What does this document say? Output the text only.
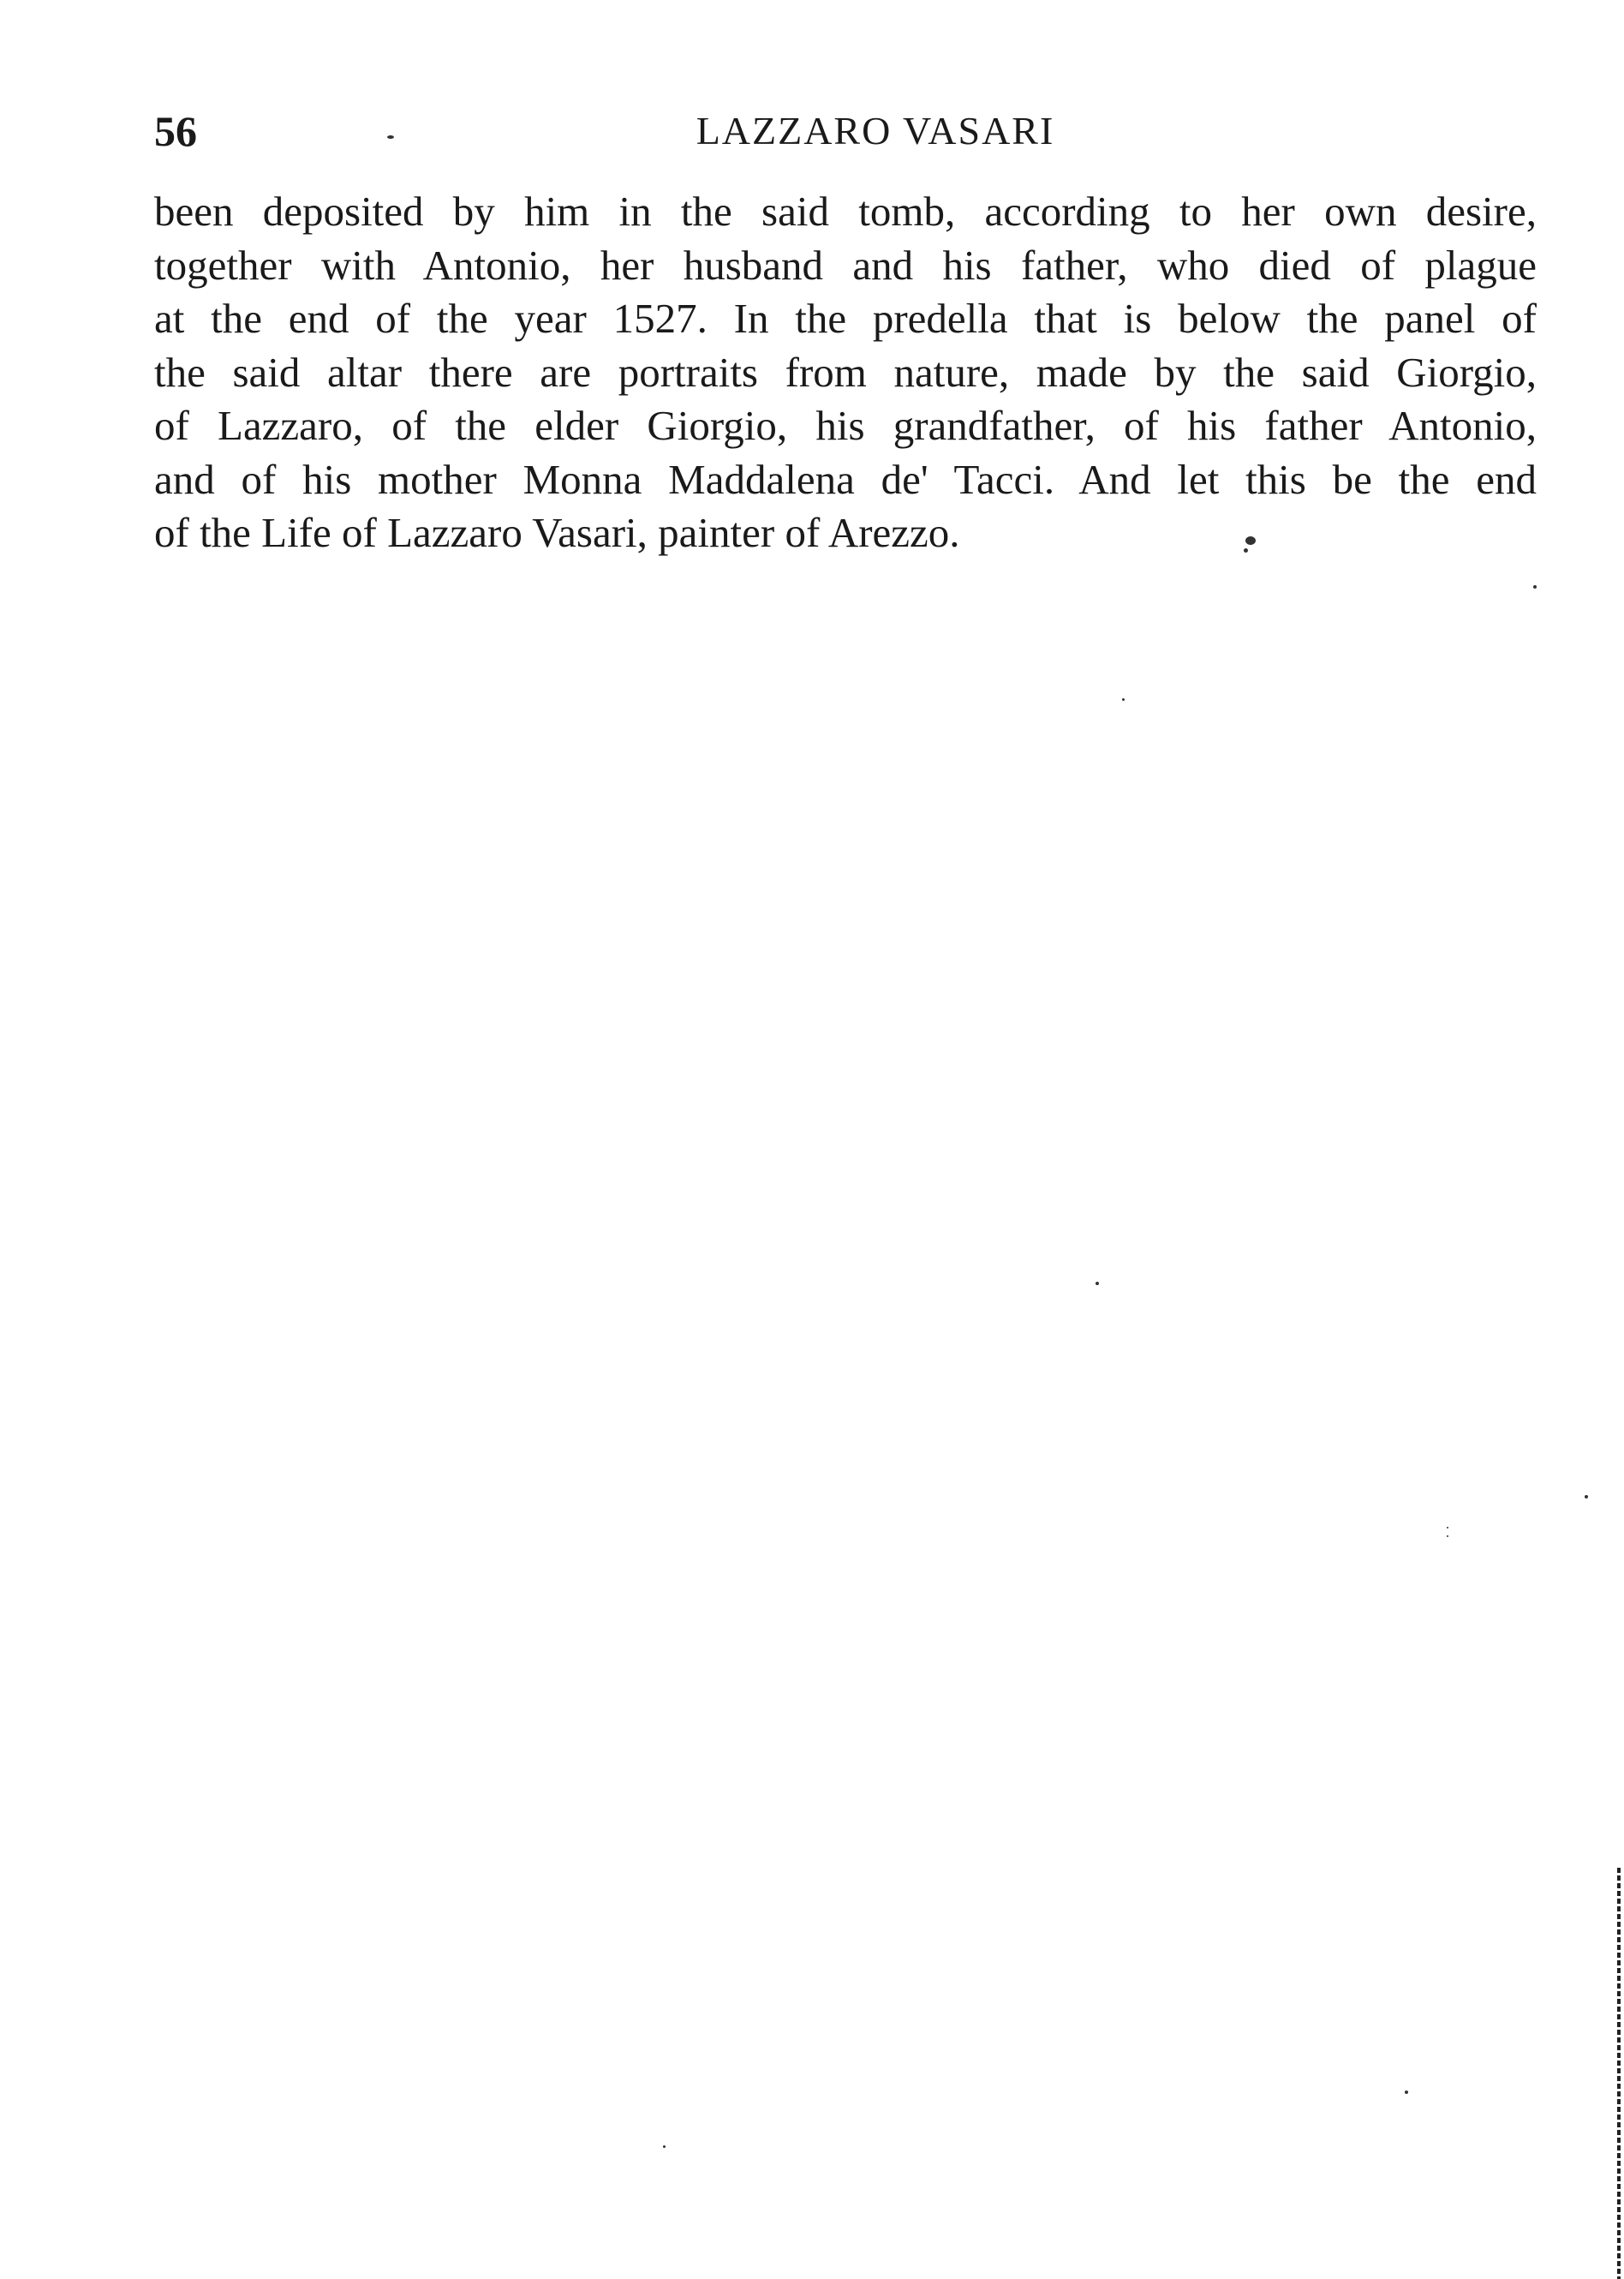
56	LAZZARO VASARI

been deposited by him in the said tomb, according to her own desire,
together with Antonio, her husband and his father, who died of plague
at the end of the year 1527. In the predella that is below the panel of
the said altar there are portraits from nature, made by the said Giorgio,
of Lazzaro, of the elder Giorgio, his grandfather, of his father Antonio,
and of his mother Monna Maddalena de' Tacci. And let this be the end
of the Life of Lazzaro Vasari, painter of Arezzo.
